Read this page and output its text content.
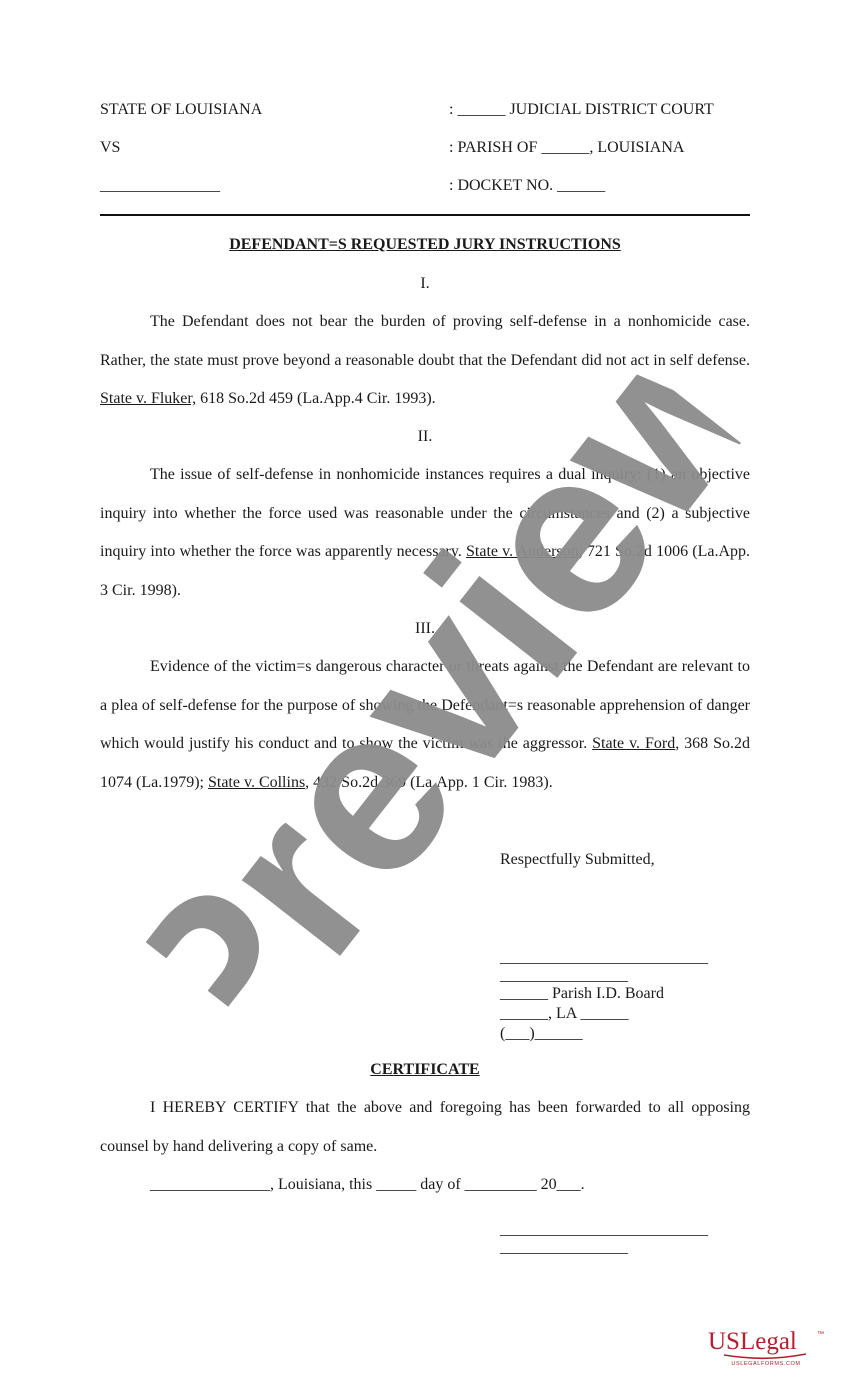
STATE OF LOUISIANA
VS
_______________
: ______ JUDICIAL DISTRICT COURT
: PARISH OF ______, LOUISIANA
: DOCKET NO. ______
DEFENDANT=S REQUESTED JURY INSTRUCTIONS
I.

The Defendant does not bear the burden of proving self-defense in a nonhomicide case. Rather, the state must prove beyond a reasonable doubt that the Defendant did not act in self defense. State v. Fluker, 618 So.2d 459 (La.App.4 Cir. 1993).

II.

The issue of self-defense in nonhomicide instances requires a dual inquiry: (1) an objective inquiry into whether the force used was reasonable under the circumstances and (2) a subjective inquiry into whether the force was apparently necessary. State v. Anderson, 721 So.2d 1006 (La.App. 3 Cir. 1998).

III.

Evidence of the victim=s dangerous character or threats against the Defendant are relevant to a plea of self-defense for the purpose of showing the Defendant=s reasonable apprehension of danger which would justify his conduct and to show the victim was the aggressor. State v. Ford, 368 So.2d 1074 (La.1979); State v. Collins, 432 So.2d 369 (La.App. 1 Cir. 1983).

Respectfully Submitted,
__________________________
________________
______ Parish I.D. Board
______, LA ______
(___)______
CERTIFICATE

I HEREBY CERTIFY that the above and foregoing has been forwarded to all opposing counsel by hand delivering a copy of same.

_______________, Louisiana, this _____ day of _________ 20___.
__________________________
________________
Preview
USLegal	™
USLEGALFORMS.COM
